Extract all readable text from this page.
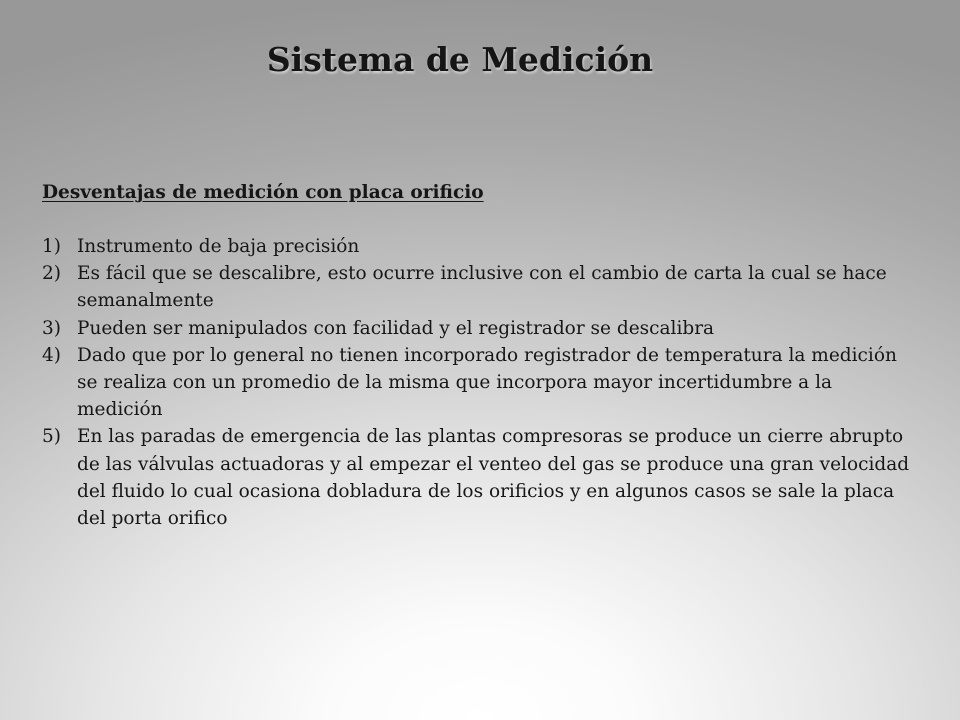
Sistema de Medición
Desventajas de medición con placa orificio
1) Instrumento de baja precisión
2) Es fácil que se descalibre, esto ocurre inclusive con el cambio de carta la cual se hace semanalmente
3) Pueden ser manipulados con facilidad y el registrador se descalibra
4) Dado que por lo general no tienen incorporado registrador de temperatura la medición se realiza con un promedio de la misma que incorpora mayor incertidumbre a la medición
5) En las paradas de emergencia de las plantas compresoras se produce un cierre abrupto de las válvulas actuadoras y al empezar el venteo del gas se produce una gran velocidad del fluido lo cual ocasiona dobladura de los orificios y en algunos casos se sale la placa del porta orifico
